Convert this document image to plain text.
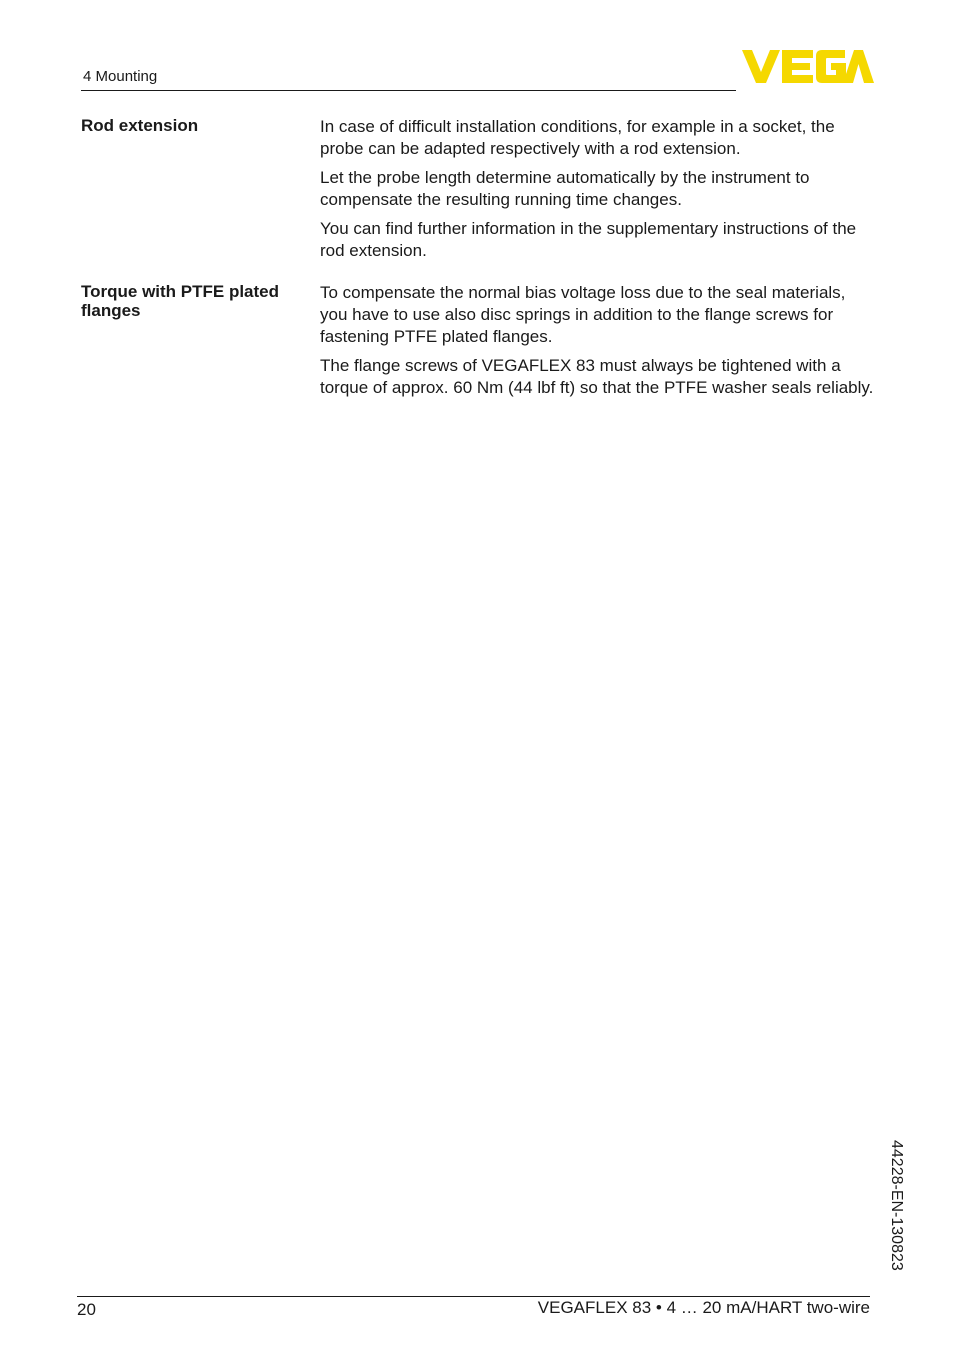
4 Mounting
Rod extension	In case of difficult installation conditions, for example in a socket, the probe can be adapted respectively with a rod extension.

Let the probe length determine automatically by the instrument to compensate the resulting running time changes.

You can find further information in the supplementary instructions of the rod extension.

Torque with PTFE plated flanges

To compensate the normal bias voltage loss due to the seal materials, you have to use also disc springs in addition to the flange screws for fastening PTFE plated flanges.

The flange screws of VEGAFLEX 83 must always be tightened with a torque of approx. 60 Nm (44 lbf ft) so that the PTFE washer seals reliably.

44228-EN-130823
20	VEGAFLEX 83 • 4 … 20 mA/HART two-wire
